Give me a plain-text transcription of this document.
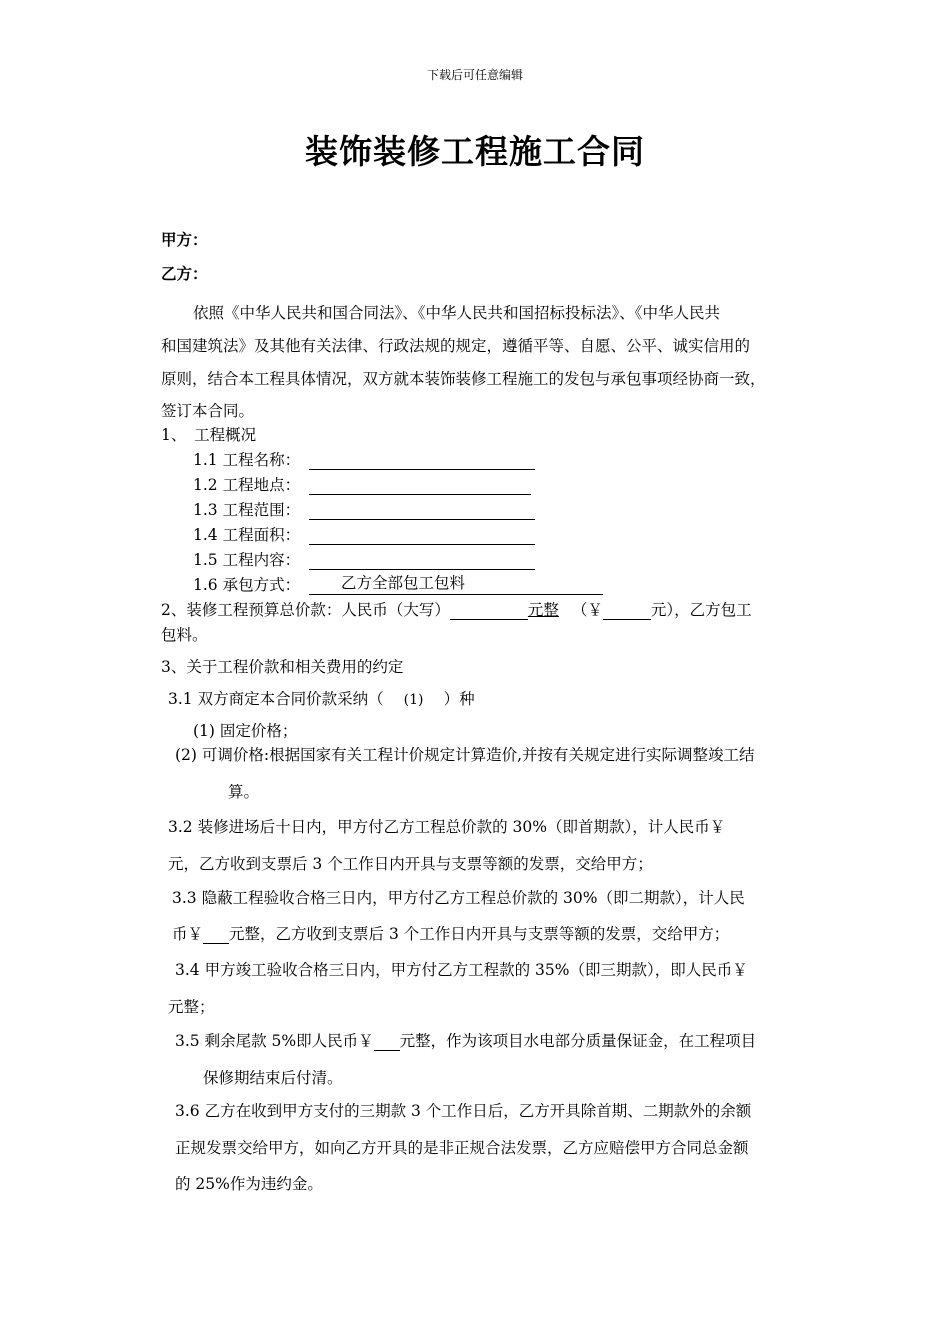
下载后可任意编辑
装饰装修工程施工合同
甲方：
乙方：
依照《中华人民共和国合同法》、《中华人民共和国招标投标法》、《中华人民共
和国建筑法》及其他有关法律、行政法规的规定，遵循平等、自愿、公平、诚实信用的
原则，结合本工程具体情况，双方就本装饰装修工程施工的发包与承包事项经协商一致，
签订本合同。
1、　工程概况
1.1 工程名称：
1.2 工程地点：
1.3 工程范围：
1.4 工程面积：
1.5 工程内容：
1.6 承包方式：	乙方全部包工包料
2、装修工程预算总价款：人民币（大写）	元整 （￥	元），乙方包工
包料。
3、关于工程价款和相关费用的约定
3.1 双方商定本合同价款采纳（ (1) ）种
(1) 固定价格；
(2) 可调价格:根据国家有关工程计价规定计算造价,并按有关规定进行实际调整竣工结
算。
3.2 装修进场后十日内，甲方付乙方工程总价款的 30%（即首期款），计人民币￥
元，乙方收到支票后 3 个工作日内开具与支票等额的发票，交给甲方；
3.3 隐蔽工程验收合格三日内，甲方付乙方工程总价款的 30%（即二期款），计人民
币￥ 元整，乙方收到支票后 3 个工作日内开具与支票等额的发票，交给甲方；
3.4 甲方竣工验收合格三日内，甲方付乙方工程款的 35%（即三期款），即人民币￥
元整；
3.5 剩余尾款 5%即人民币￥ 元整，作为该项目水电部分质量保证金，在工程项目
保修期结束后付清。
3.6 乙方在收到甲方支付的三期款 3 个工作日后，乙方开具除首期、二期款外的余额
正规发票交给甲方，如向乙方开具的是非正规合法发票，乙方应赔偿甲方合同总金额
的 25%作为违约金。
